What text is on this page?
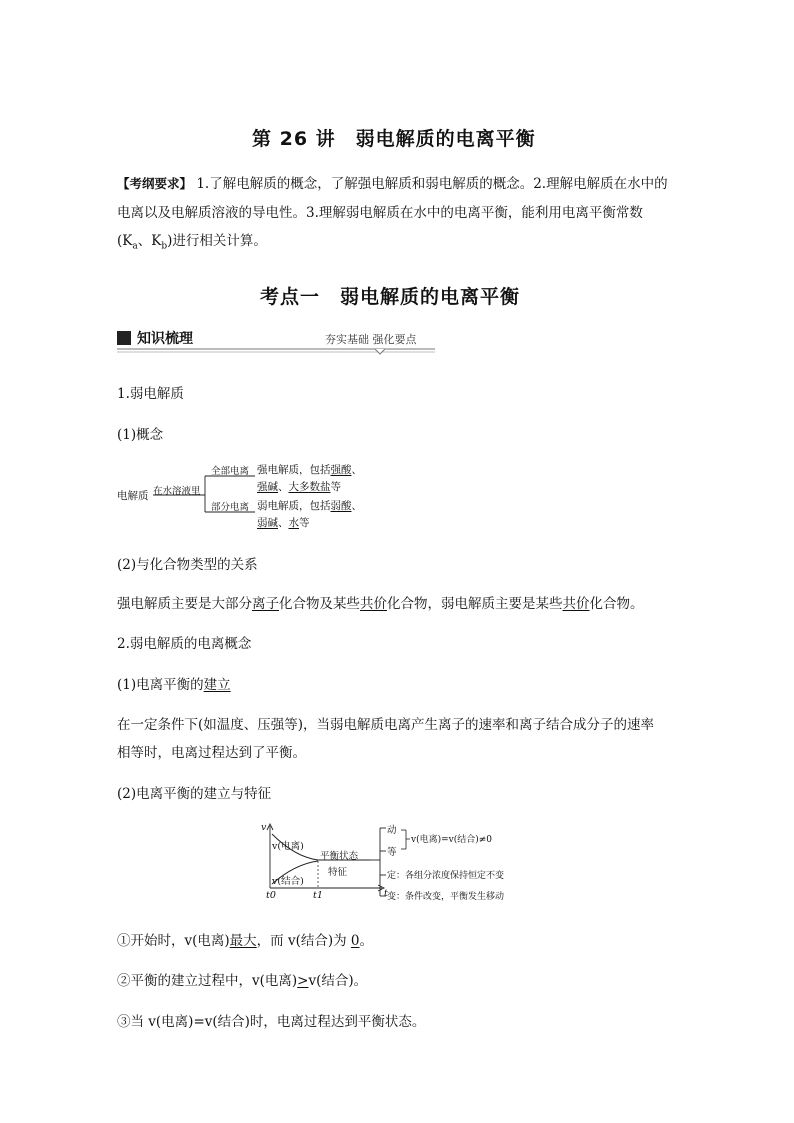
第 26 讲　弱电解质的电离平衡
【考纲要求】 1.了解电解质的概念，了解强电解质和弱电解质的概念。2.理解电解质在水中的
电离以及电解质溶液的导电性。3.理解弱电解质在水中的电离平衡，能利用电离平衡常数
($K_a$、$K_b$)进行相关计算。
考点一　弱电解质的电离平衡
知识梳理	夯实基础 强化要点
1.弱电解质
(1)概念
电解质 在水溶液里
全部电离
部分电离
强电解质，包括强酸、
强碱、大多数盐等
弱电解质，包括弱酸、
弱碱、水等
(2)与化合物类型的关系
强电解质主要是大部分离子化合物及某些共价化合物，弱电解质主要是某些共价化合物。
2.弱电解质的电离概念
(1)电离平衡的建立
在一定条件下(如温度、压强等)，当弱电解质电离产生离子的速率和离子结合成分子的速率
相等时，电离过程达到了平衡。
(2)电离平衡的建立与特征
v
t
t0	t1
v(电离)
v(结合)
平衡状态
特征
动
等
v(电离)=v(结合)≠0
定：各组分浓度保持恒定不变
变：条件改变，平衡发生移动
①开始时，v(电离)最大，而 v(结合)为 0。
②平衡的建立过程中，v(电离)>v(结合)。
③当 v(电离)=v(结合)时，电离过程达到平衡状态。
